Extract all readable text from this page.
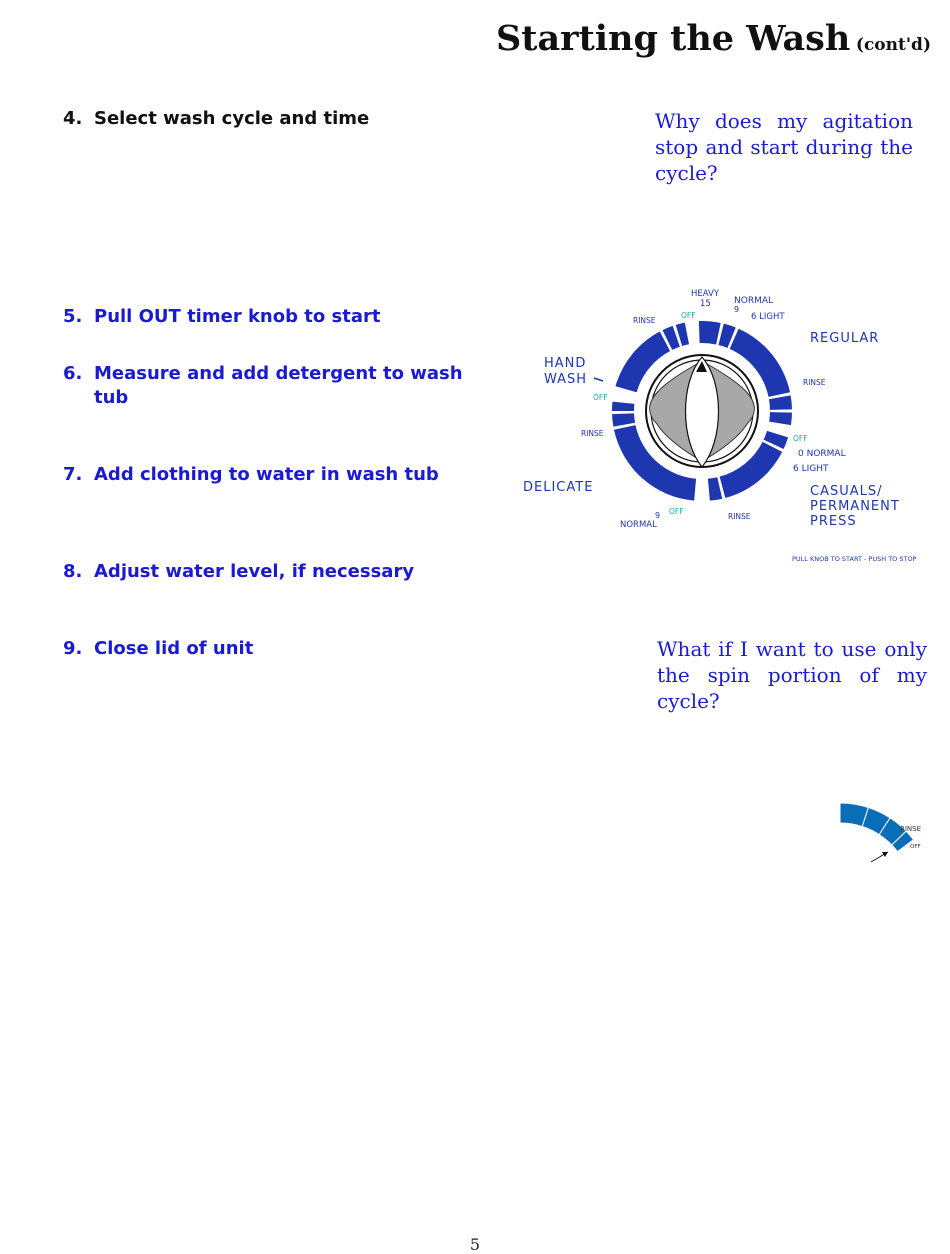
Starting the Wash (cont'd)
4. Select wash cycle and time
5. Pull OUT timer knob to start
6. Measure and add detergent to wash tub
7. Add clothing to water in wash tub
8. Adjust water level, if necessary
9. Close lid of unit
Why does my agitation stop and start during the cycle?
What if I want to use only the spin portion of my cycle?
HEAVY
15	NORMAL
9
6 LIGHT
REGULAR
RINSE
OFF
0 NORMAL
6 LIGHT
CASUALS/
PERMANENT
PRESS
RINSE
OFF
9
NORMAL
DELICATE
RINSE
OFF
HAND
WASH
RINSE
OFF
PULL KNOB TO START - PUSH TO STOP
RINSE
OFF
5
